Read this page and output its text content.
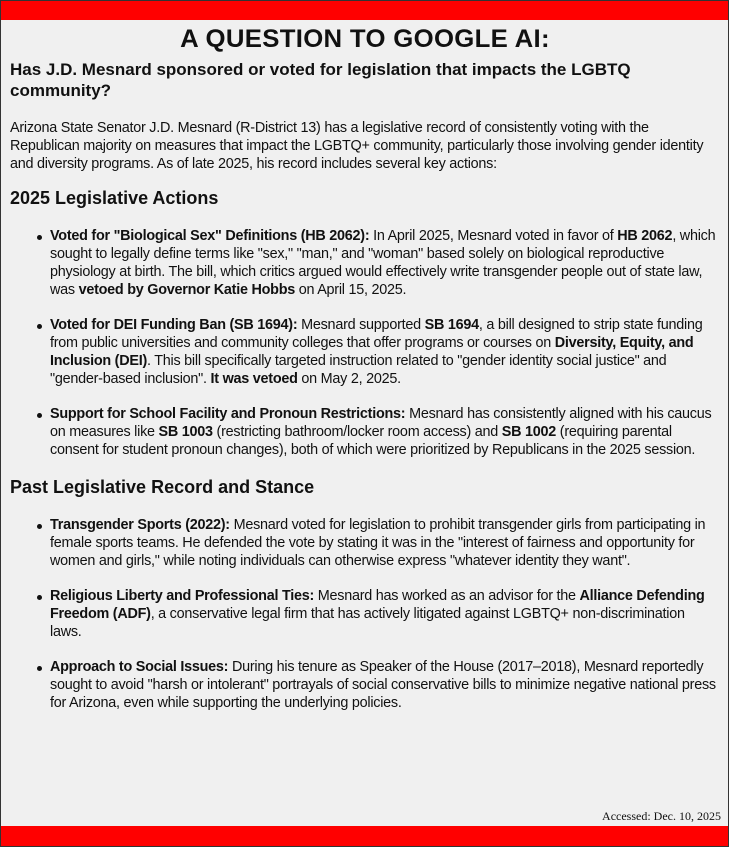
A QUESTION TO GOOGLE AI:
Has J.D. Mesnard sponsored or voted for legislation that impacts the LGBTQ community?

Arizona State Senator J.D. Mesnard (R-District 13) has a legislative record of consistently voting with the Republican majority on measures that impact the LGBTQ+ community, particularly those involving gender identity and diversity programs. As of late 2025, his record includes several key actions:

2025 Legislative Actions
Voted for "Biological Sex" Definitions (HB 2062): In April 2025, Mesnard voted in favor of HB 2062, which sought to legally define terms like "sex," "man," and "woman" based solely on biological reproductive physiology at birth. The bill, which critics argued would effectively write transgender people out of state law, was vetoed by Governor Katie Hobbs on April 15, 2025.
Voted for DEI Funding Ban (SB 1694): Mesnard supported SB 1694, a bill designed to strip state funding from public universities and community colleges that offer programs or courses on Diversity, Equity, and Inclusion (DEI). This bill specifically targeted instruction related to "gender identity social justice" and "gender-based inclusion". It was vetoed on May 2, 2025.
Support for School Facility and Pronoun Restrictions: Mesnard has consistently aligned with his caucus on measures like SB 1003 (restricting bathroom/locker room access) and SB 1002 (requiring parental consent for student pronoun changes), both of which were prioritized by Republicans in the 2025 session.
Past Legislative Record and Stance
Transgender Sports (2022): Mesnard voted for legislation to prohibit transgender girls from participating in female sports teams. He defended the vote by stating it was in the "interest of fairness and opportunity for women and girls," while noting individuals can otherwise express "whatever identity they want".
Religious Liberty and Professional Ties: Mesnard has worked as an advisor for the Alliance Defending Freedom (ADF), a conservative legal firm that has actively litigated against LGBTQ+ non-discrimination laws.
Approach to Social Issues: During his tenure as Speaker of the House (2017–2018), Mesnard reportedly sought to avoid "harsh or intolerant" portrayals of social conservative bills to minimize negative national press for Arizona, even while supporting the underlying policies.
Accessed: Dec. 10, 2025
